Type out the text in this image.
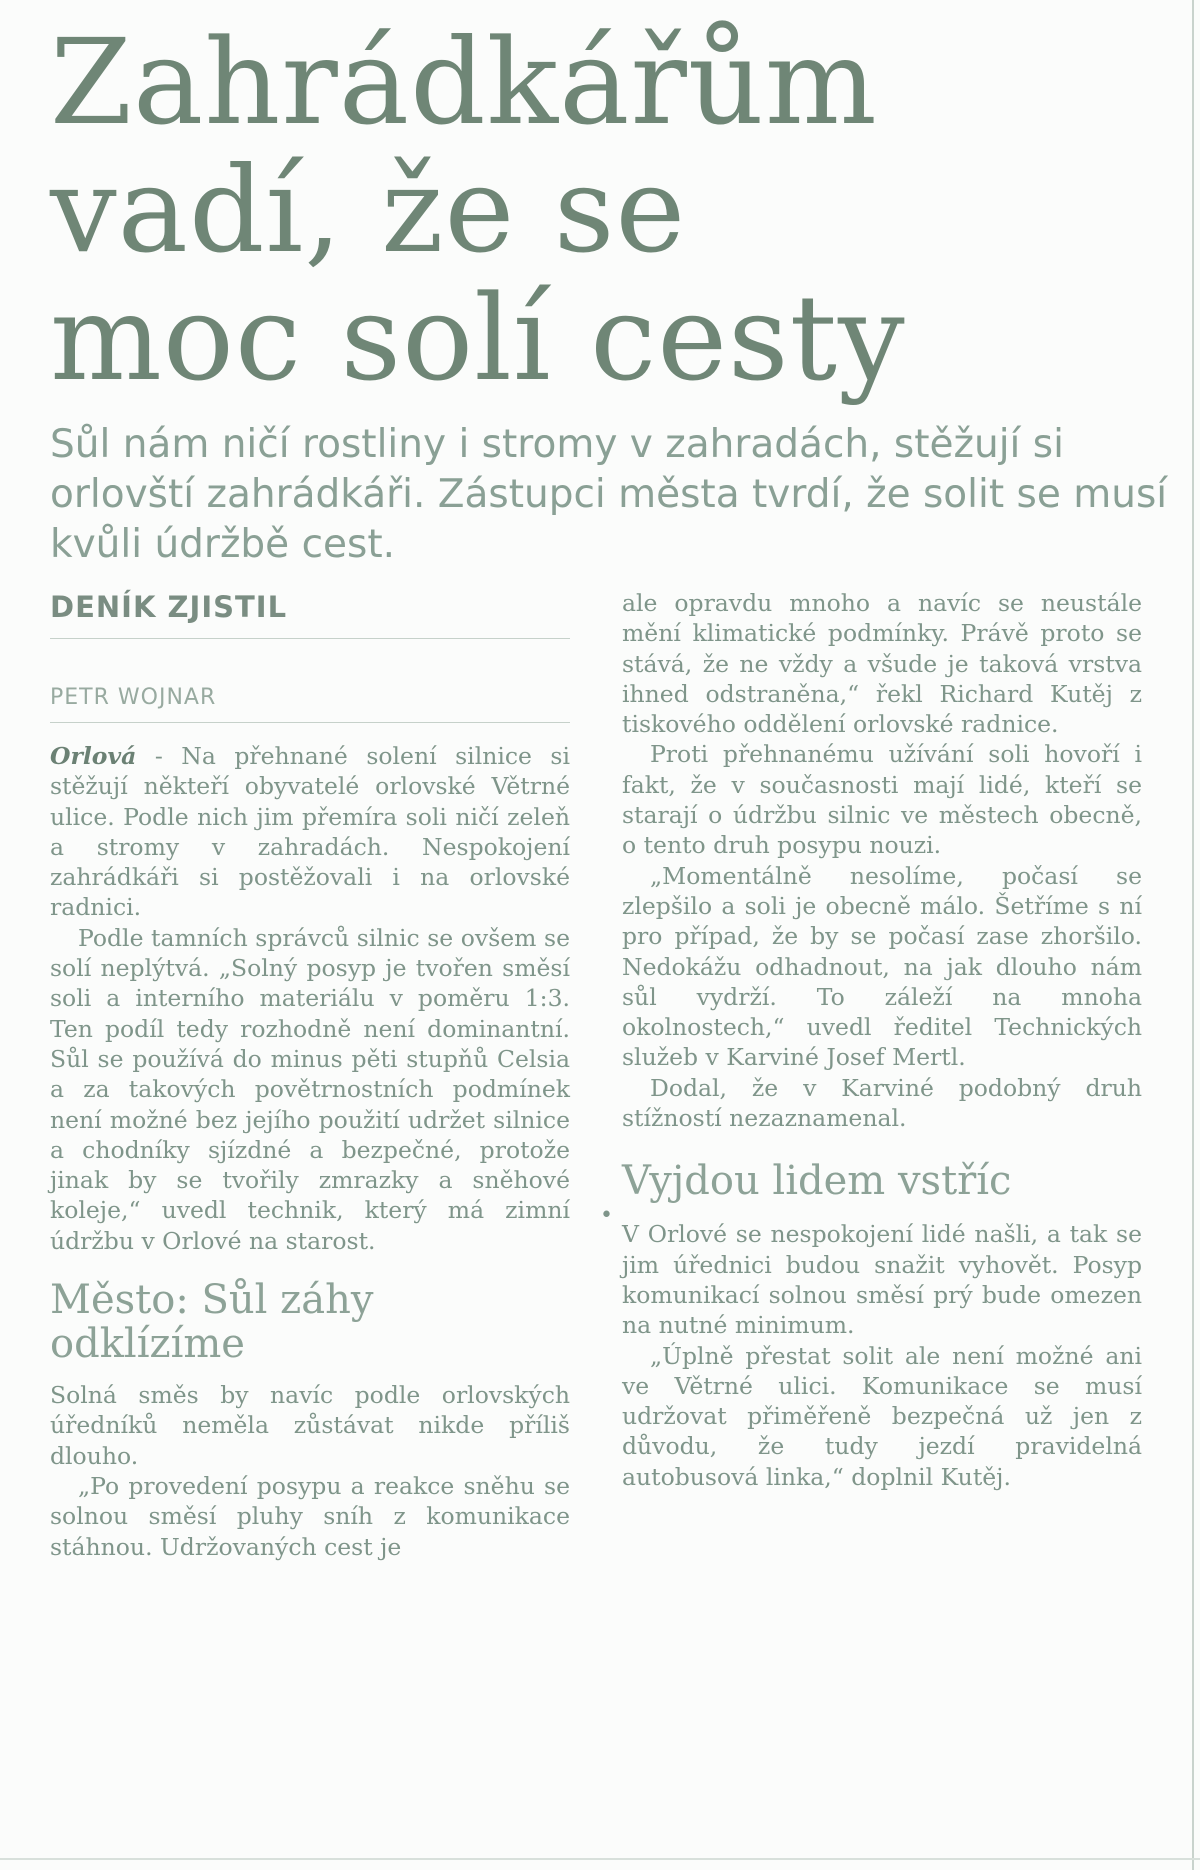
Zahrádkářům
vadí, že se
moc solí cesty
Sůl nám ničí rostliny i stromy v zahradách, stěžují si orlovští zahrádkáři. Zástupci města tvrdí, že solit se musí kvůli údržbě cest.
DENÍK ZJISTIL
PETR WOJNAR

Orlová - Na přehnané solení silnice si stěžují někteří obyvatelé orlovské Větrné ulice. Podle nich jim přemíra soli ničí zeleň a stromy v zahradách. Nespokojení zahrádkáři si postěžovali i na orlovské radnici.

Podle tamních správců silnic se ovšem se solí neplýtvá. „Solný posyp je tvořen směsí soli a interního materiálu v poměru 1:3. Ten podíl tedy rozhodně není dominantní. Sůl se používá do minus pěti stupňů Celsia a za takových povětrnostních podmínek není možné bez jejího použití udržet silnice a chodníky sjízdné a bezpečné, protože jinak by se tvořily zmrazky a sněhové koleje,“ uvedl technik, který má zimní údržbu v Orlové na starost.

Město: Sůl záhy odklízíme

Solná směs by navíc podle orlovských úředníků neměla zůstávat nikde příliš dlouho.

„Po provedení posypu a reakce sněhu se solnou směsí pluhy sníh z komunikace stáhnou. Udržovaných cest je

ale opravdu mnoho a navíc se neustále mění klimatické podmínky. Právě proto se stává, že ne vždy a všude je taková vrstva ihned odstraněna,“ řekl Richard Kutěj z tiskového oddělení orlovské radnice.

Proti přehnanému užívání soli hovoří i fakt, že v současnosti mají lidé, kteří se starají o údržbu silnic ve městech obecně, o tento druh posypu nouzi.

„Momentálně nesolíme, počasí se zlepšilo a soli je obecně málo. Šetříme s ní pro případ, že by se počasí zase zhoršilo. Nedokážu odhadnout, na jak dlouho nám sůl vydrží. To záleží na mnoha okolnostech,“ uvedl ředitel Technických služeb v Karviné Josef Mertl.

Dodal, že v Karviné podobný druh stížností nezaznamenal.

Vyjdou lidem vstříc

V Orlové se nespokojení lidé našli, a tak se jim úřednici budou snažit vyhovět. Posyp komunikací solnou směsí prý bude omezen na nutné minimum.

„Úplně přestat solit ale není možné ani ve Větrné ulici. Komunikace se musí udržovat přiměřeně bezpečná už jen z důvodu, že tudy jezdí pravidelná autobusová linka,“ doplnil Kutěj.

•
